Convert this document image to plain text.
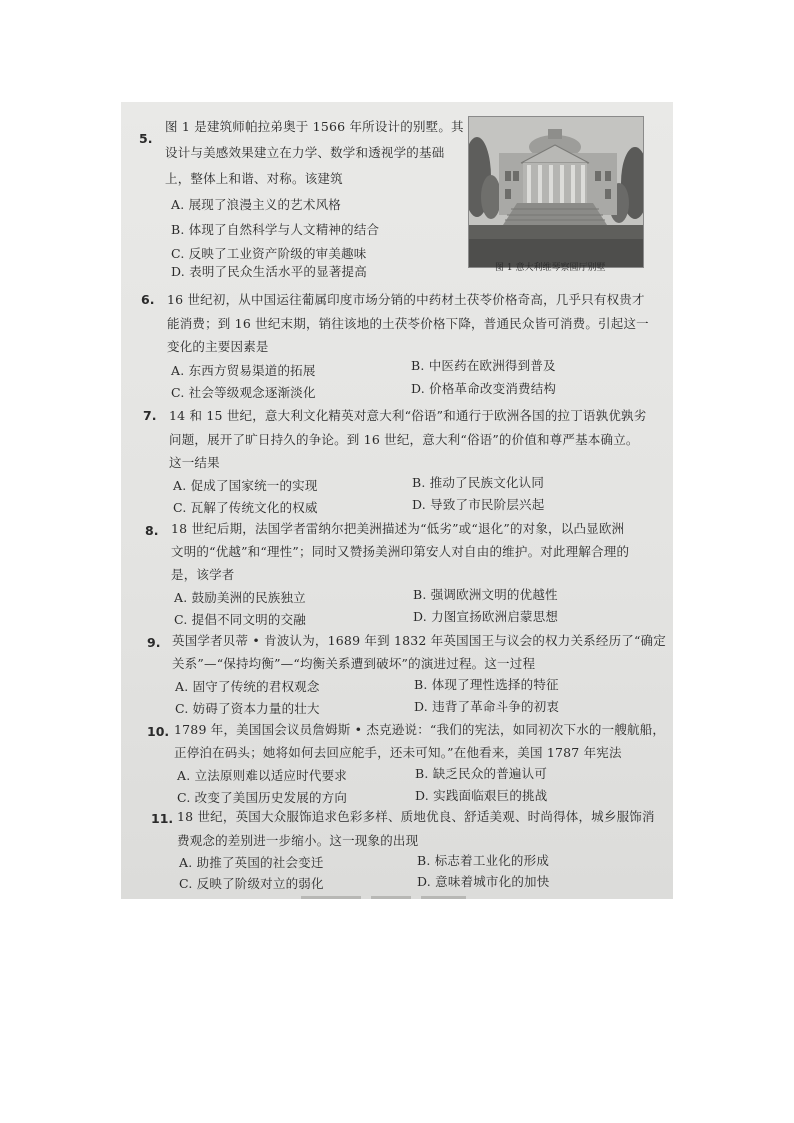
5.
图 1 是建筑师帕拉弟奥于 1566 年所设计的别墅。其
设计与美感效果建立在力学、数学和透视学的基础
上，整体上和谐、对称。该建筑
A. 展现了浪漫主义的艺术风格
B. 体现了自然科学与人文精神的结合
C. 反映了工业资产阶级的审美趣味
D. 表明了民众生活水平的显著提高	图 1 意大利维琴察圆厅别墅
6. 16 世纪初，从中国运往葡属印度市场分销的中药材土茯苓价格奇高，几乎只有权贵才
能消费；到 16 世纪末期，销往该地的土茯苓价格下降，普通民众皆可消费。引起这一
变化的主要因素是
A. 东西方贸易渠道的拓展	B. 中医药在欧洲得到普及
C. 社会等级观念逐渐淡化	D. 价格革命改变消费结构
7. 14 和 15 世纪，意大利文化精英对意大利“俗语”和通行于欧洲各国的拉丁语孰优孰劣
问题，展开了旷日持久的争论。到 16 世纪，意大利“俗语”的价值和尊严基本确立。
这一结果
A. 促成了国家统一的实现	B. 推动了民族文化认同
C. 瓦解了传统文化的权威	D. 导致了市民阶层兴起
8. 18 世纪后期，法国学者雷纳尔把美洲描述为“低劣”或“退化”的对象，以凸显欧洲
文明的“优越”和“理性”；同时又赞扬美洲印第安人对自由的维护。对此理解合理的
是，该学者
A. 鼓励美洲的民族独立	B. 强调欧洲文明的优越性
C. 提倡不同文明的交融	D. 力图宣扬欧洲启蒙思想
9. 英国学者贝蒂 • 肯波认为，1689 年到 1832 年英国国王与议会的权力关系经历了“确定
关系”—“保持均衡”—“均衡关系遭到破坏”的演进过程。这一过程
A. 固守了传统的君权观念	B. 体现了理性选择的特征
C. 妨碍了资本力量的壮大	D. 违背了革命斗争的初衷
10. 1789 年，美国国会议员詹姆斯 • 杰克逊说：“我们的宪法，如同初次下水的一艘航船，
正停泊在码头；她将如何去回应舵手，还未可知。”在他看来，美国 1787 年宪法
A. 立法原则难以适应时代要求	B. 缺乏民众的普遍认可
C. 改变了美国历史发展的方向	D. 实践面临艰巨的挑战
11. 18 世纪，英国大众服饰追求色彩多样、质地优良、舒适美观、时尚得体，城乡服饰消
费观念的差别进一步缩小。这一现象的出现
A. 助推了英国的社会变迁	B. 标志着工业化的形成
C. 反映了阶级对立的弱化	D. 意味着城市化的加快
